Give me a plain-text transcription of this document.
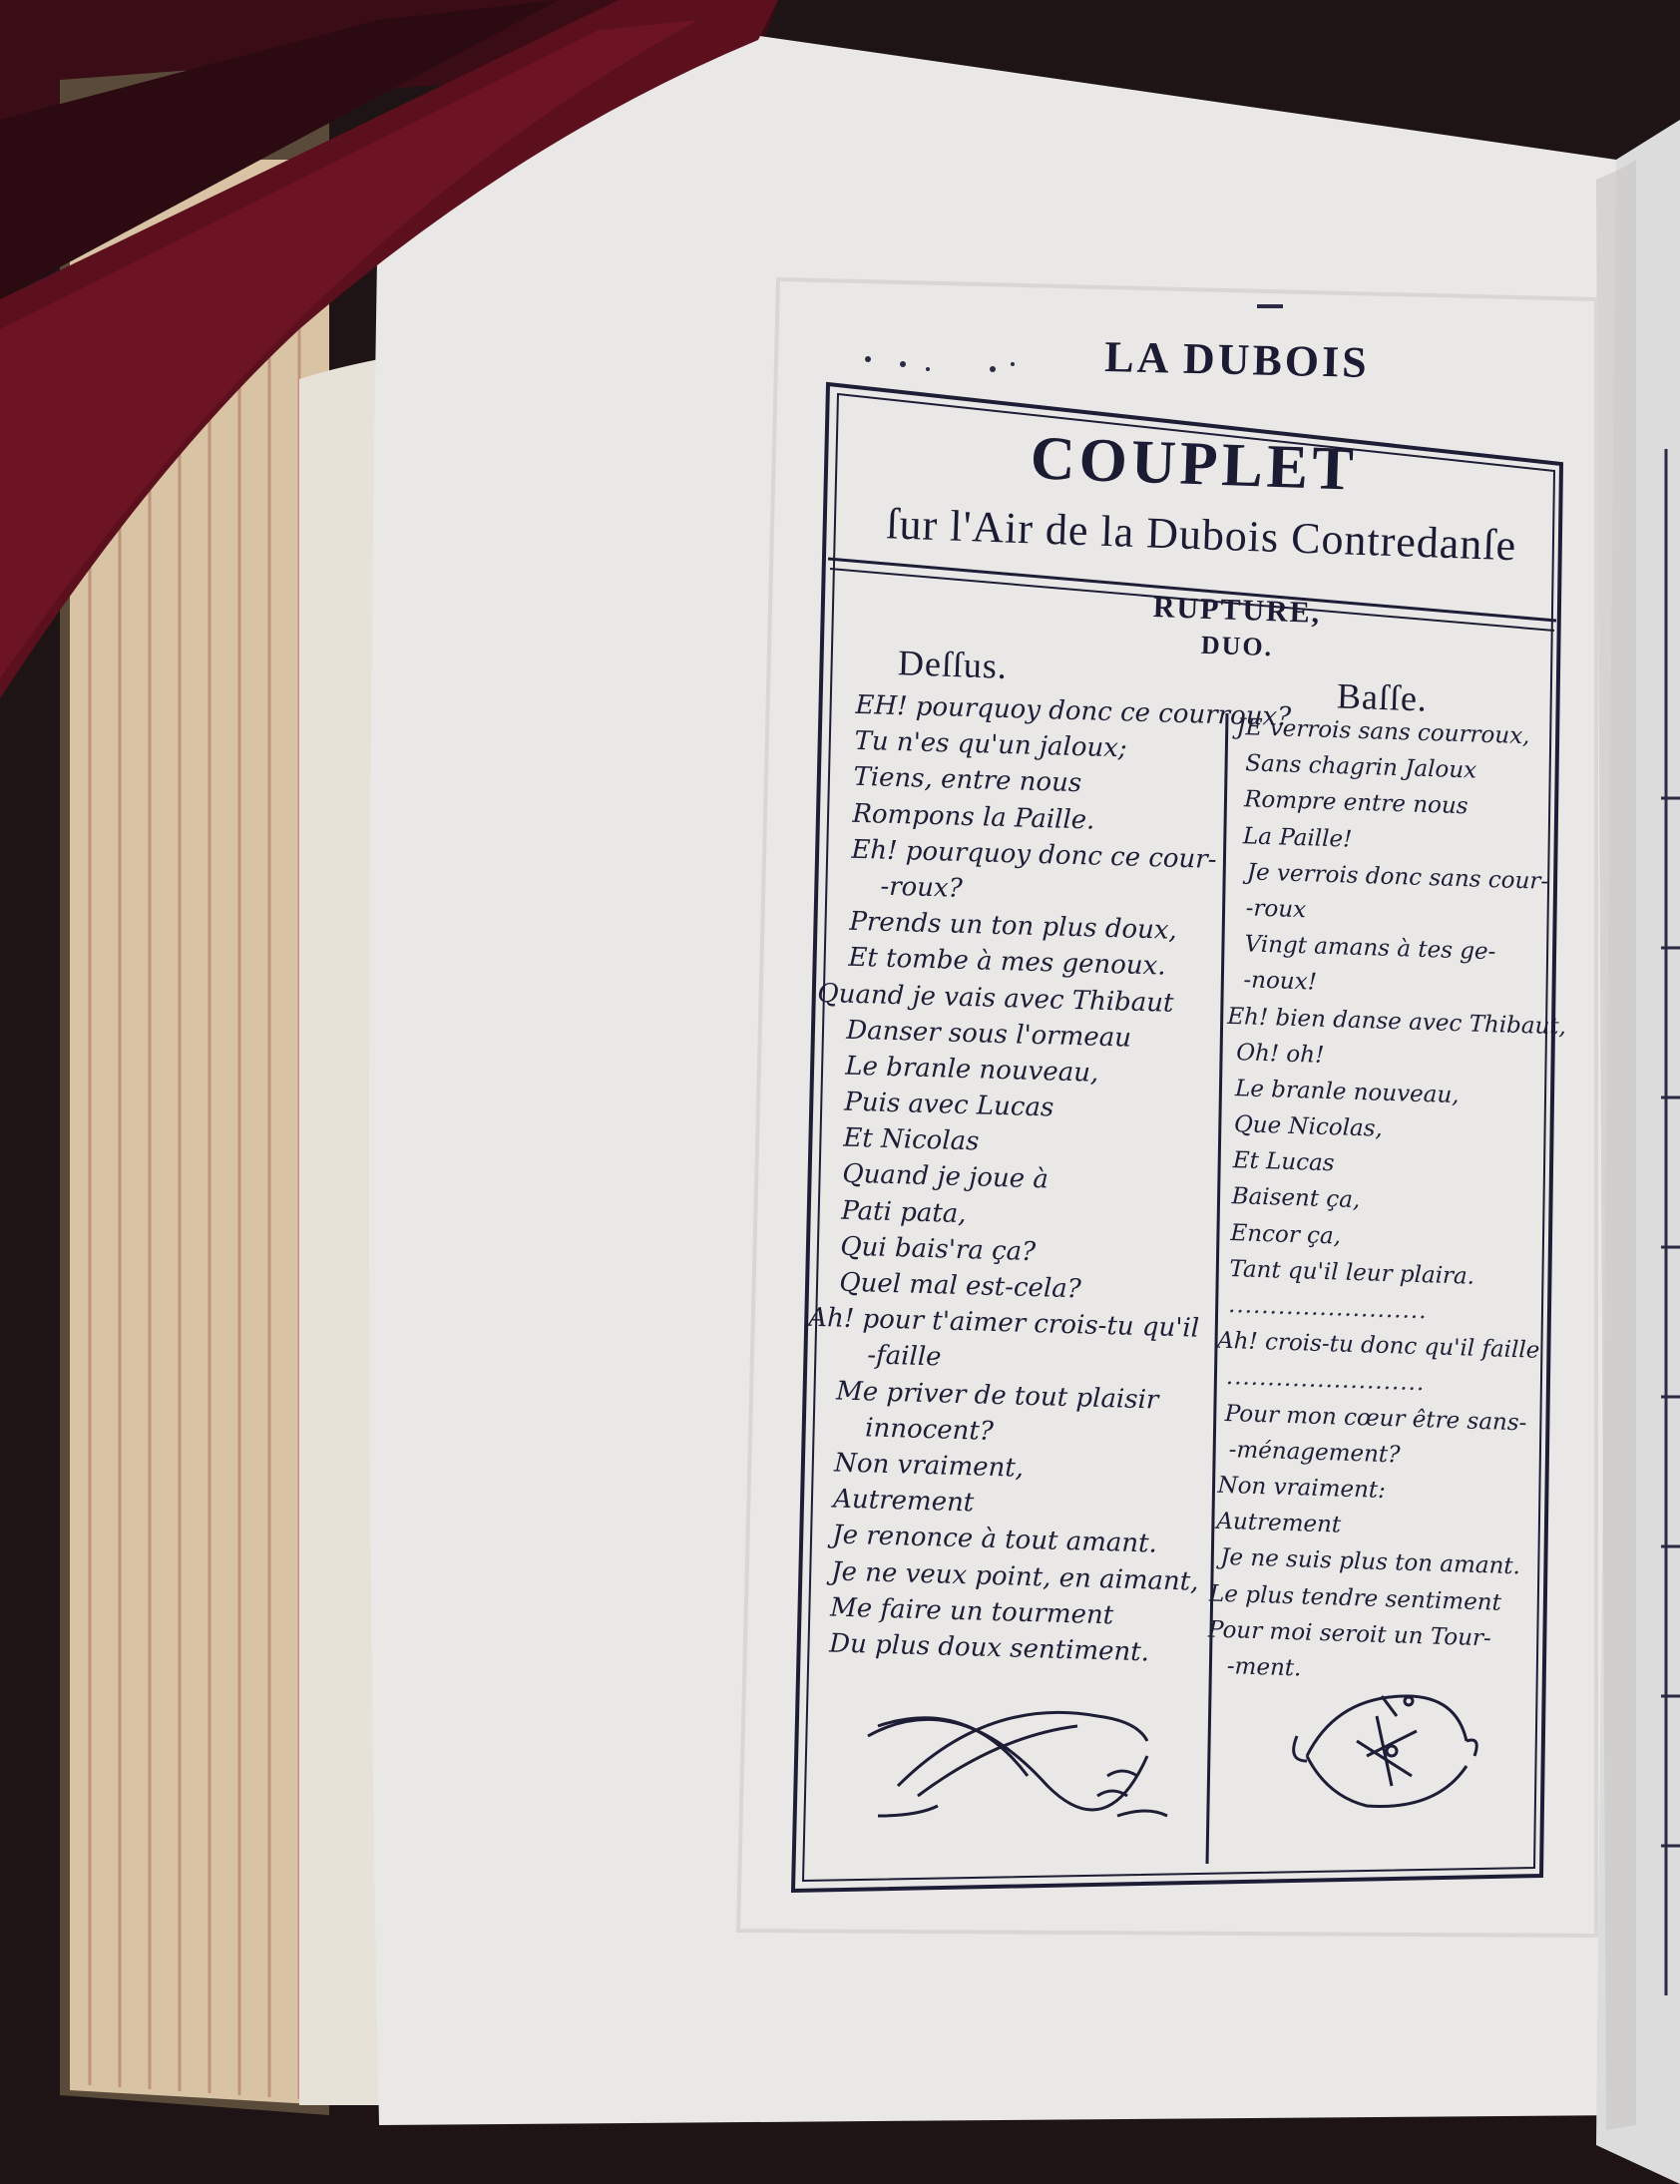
LA DUBOIS
COUPLET
ſur l'Air de la Dubois Contredanſe
RUPTURE,
DUO.
Deſſus.
Baſſe.
EH! pourquoy donc ce courroux?
Tu n'es qu'un jaloux;
Tiens, entre nous
Rompons la Paille.
Eh! pourquoy donc ce cour-
-roux?
Prends un ton plus doux,
Et tombe à mes genoux.
Quand je vais avec Thibaut
Danser sous l'ormeau
Le branle nouveau,
Puis avec Lucas
Et Nicolas
Quand je joue à
Pati pata,
Qui bais'ra ça?
Quel mal est-cela?
Ah! pour t'aimer crois-tu qu'il
-faille
Me priver de tout plaisir
innocent?
Non vraiment,
Autrement
Je renonce à tout amant.
Je ne veux point, en aimant,
Me faire un tourment
Du plus doux sentiment.
JE verrois sans courroux,
Sans chagrin Jaloux
Rompre entre nous
La Paille!
Je verrois donc sans cour-
-roux
Vingt amans à tes ge-
-noux!
Eh! bien danse avec Thibaut,
Oh! oh!
Le branle nouveau,
Que Nicolas,
Et Lucas
Baisent ça,
Encor ça,
Tant qu'il leur plaira.
........................
Ah! crois-tu donc qu'il faille
........................
Pour mon cœur être sans-
-ménagement?
Non vraiment:
Autrement
Je ne suis plus ton amant.
Le plus tendre sentiment
Pour moi seroit un Tour-
-ment.
